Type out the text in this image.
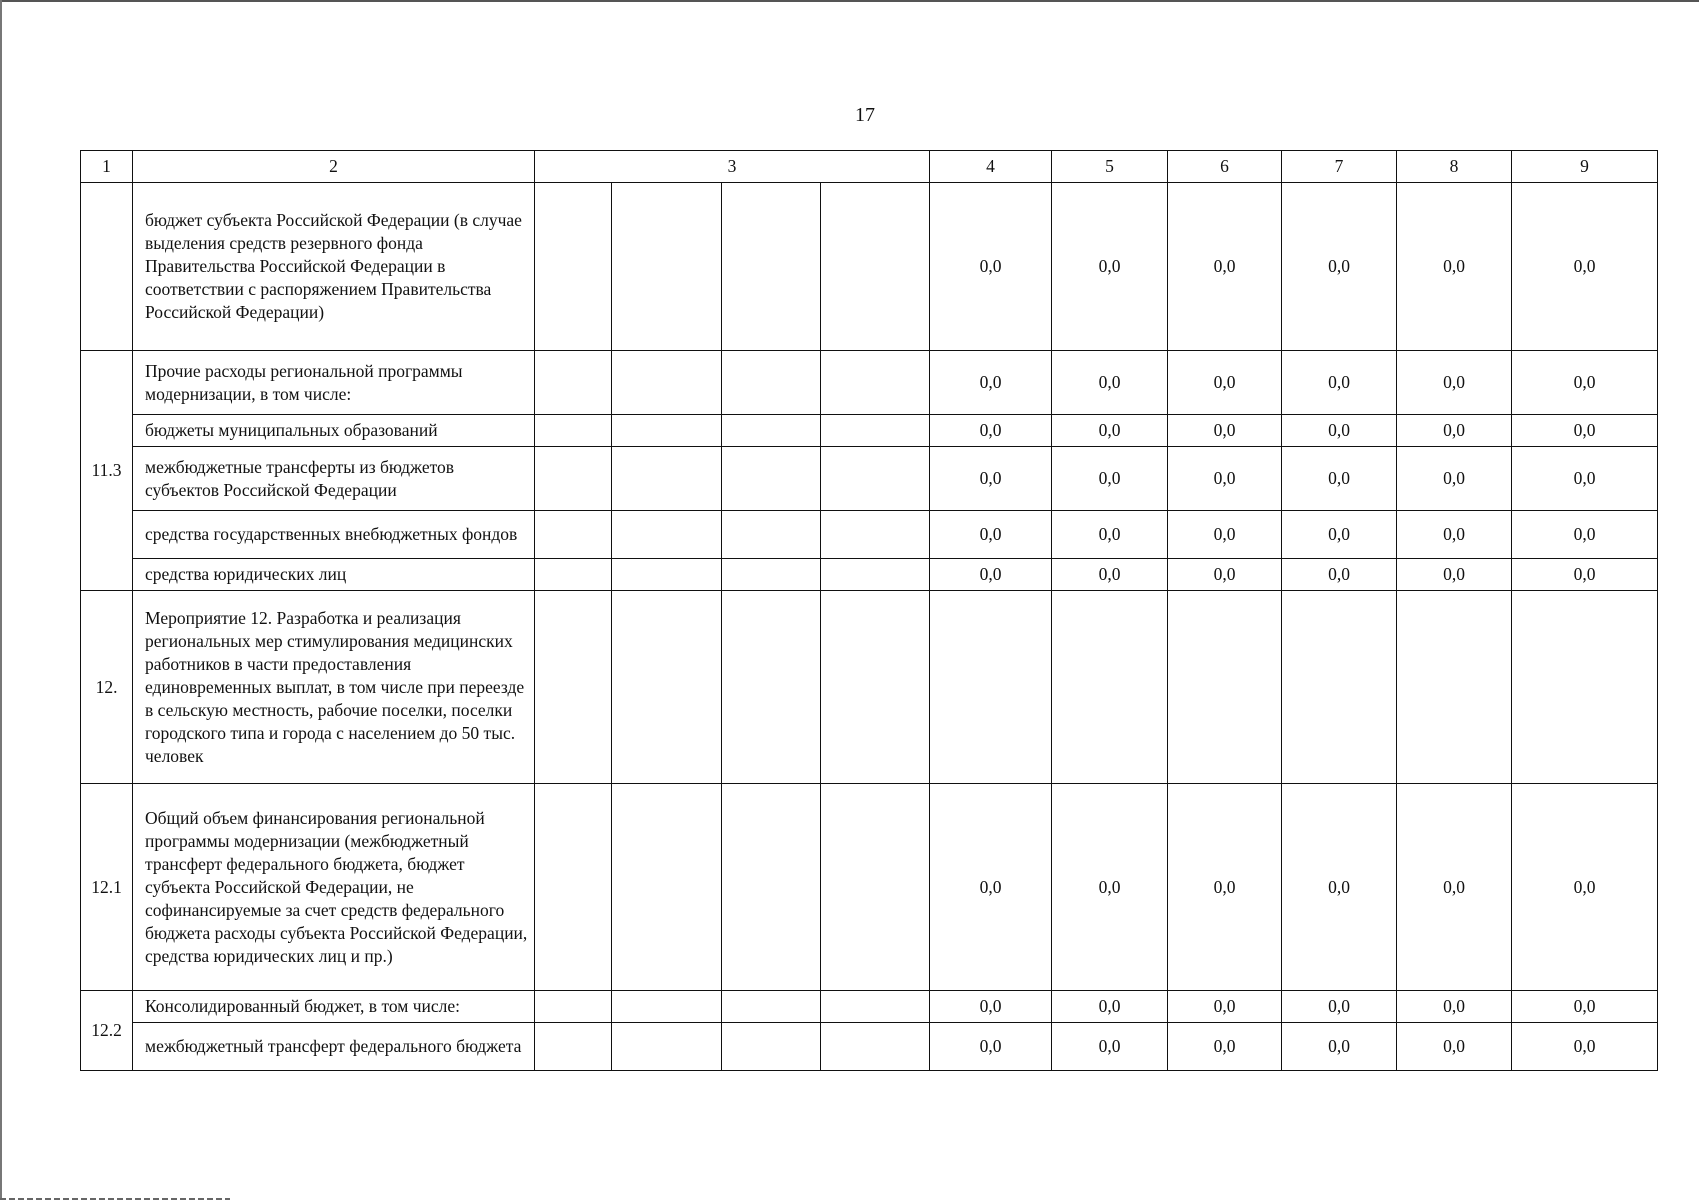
17
1	2	3				4	5	6	7	8	9
	бюджет субъекта Российской Федерации (в случае выделения средств резервного фонда Правительства Российской Федерации в соответствии с распоряжением Правительства Российской Федерации)					0,0	0,0	0,0	0,0	0,0	0,0
11.3	Прочие расходы региональной программы модернизации, в том числе:					0,0	0,0	0,0	0,0	0,0	0,0
	бюджеты муниципальных образований					0,0	0,0	0,0	0,0	0,0	0,0
	межбюджетные трансферты из бюджетов субъектов Российской Федерации					0,0	0,0	0,0	0,0	0,0	0,0
	средства государственных внебюджетных фондов					0,0	0,0	0,0	0,0	0,0	0,0
	средства юридических лиц					0,0	0,0	0,0	0,0	0,0	0,0
12.	Мероприятие 12. Разработка и реализация региональных мер стимулирования медицинских работников в части предоставления единовременных выплат, в том числе при переезде в сельскую местность, рабочие поселки, поселки городского типа и города с населением до 50 тыс. человек										
12.1	Общий объем финансирования региональной программы модернизации (межбюджетный трансферт федерального бюджета, бюджет субъекта Российской Федерации, не софинансируемые за счет средств федерального бюджета расходы субъекта Российской Федерации, средства юридических лиц и пр.)					0,0	0,0	0,0	0,0	0,0	0,0
12.2	Консолидированный бюджет, в том числе:					0,0	0,0	0,0	0,0	0,0	0,0
	межбюджетный трансферт федерального бюджета					0,0	0,0	0,0	0,0	0,0	0,0
